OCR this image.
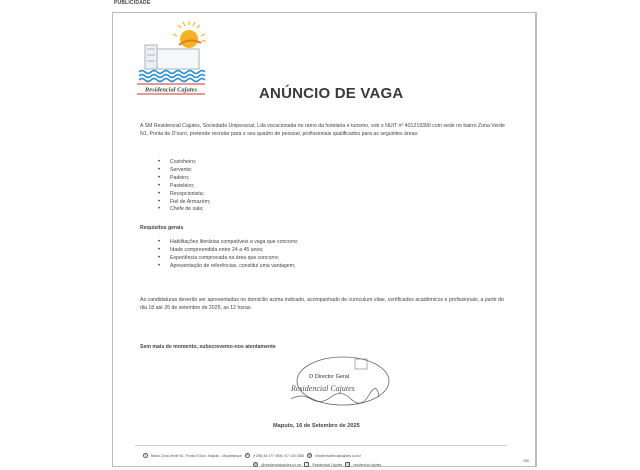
PUBLICIDADE
Residencial Cajutes	ANÚNCIO DE VAGA
A SM Residencial Cajutes, Sociedade Unipessoal, Lda vocacionada no ramo da hotelaria e turismo, sob o NUIT nº 401219390 com sede no bairro Zona Verde N1, Ponta de D'ouro, pretende recrutar para o seu quadro de pessoal, profissionais qualificados para as seguintes áreas:
• Cozinheiro;
• Servente;
• Padeiro;
• Pasteleiro;
• Recepcionista;
• Fiel de Armazém;
• Chefe de sala;
Requisitos gerais
• Habilitações literárias compatíveis a vaga que concorre;
• Idade compreendida entre 24 a 45 anos;
• Experiência comprovada na área que concorre;
• Apresentação de referências, constitui uma vantagem;
As candidaturas deverão ser apresentadas no domicílio acima indicado, acompanhado de curriculum vitae, certificados acadêmicos e profissionais, a partir do dia 18 até 26 de setembro de 2025, as 12 horas.
Sem mais de momento, subscrevemo-nos atentamente
O Director Geral
Residencial Cajutes
Maputo, 16 de Setembro de 2025
⌖	Bairro Zona Verde N1, Ponta D'Ouro, Maputo - Moçambique	✆	(+258) 84 377 4906 / 87 433 3366	@ info@residencialcajutes.co.mz
◍	@residencialcajutes.co.mz	f	Residencial Cajutes	◎	residencial cajutes
456
